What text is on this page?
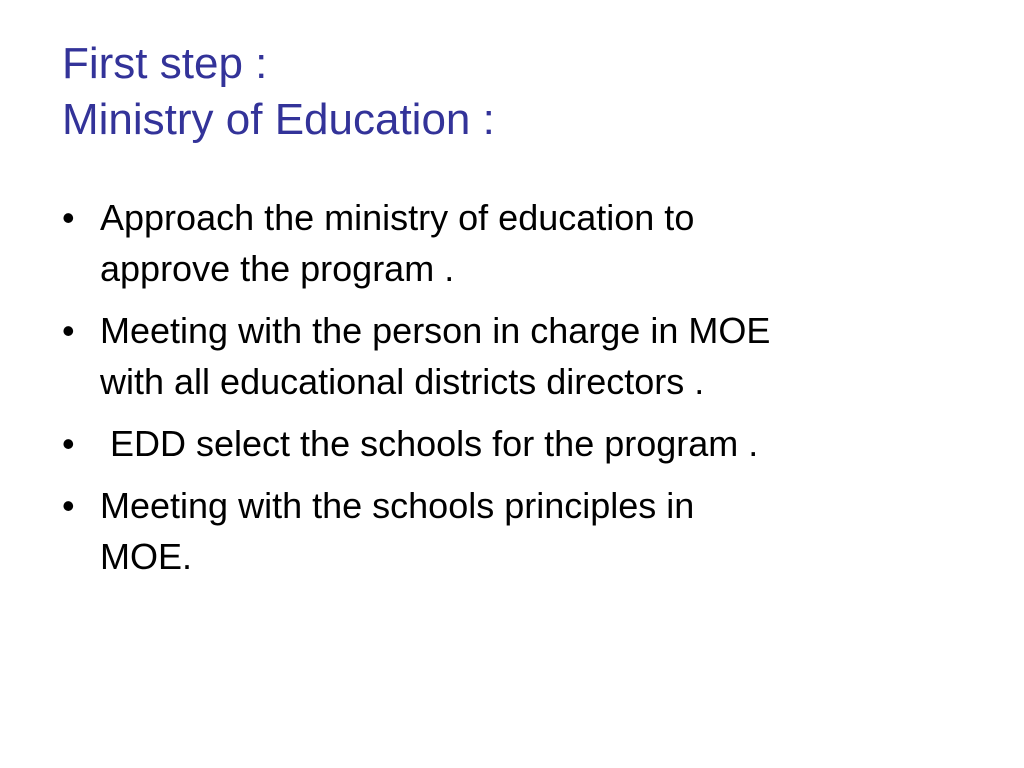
First step :
Ministry of Education :
• Approach the ministry of education to
approve the program .
• Meeting with the person in charge in MOE
with all educational districts directors .
• EDD select the schools for the program .
• Meeting with the schools principles in
MOE.
